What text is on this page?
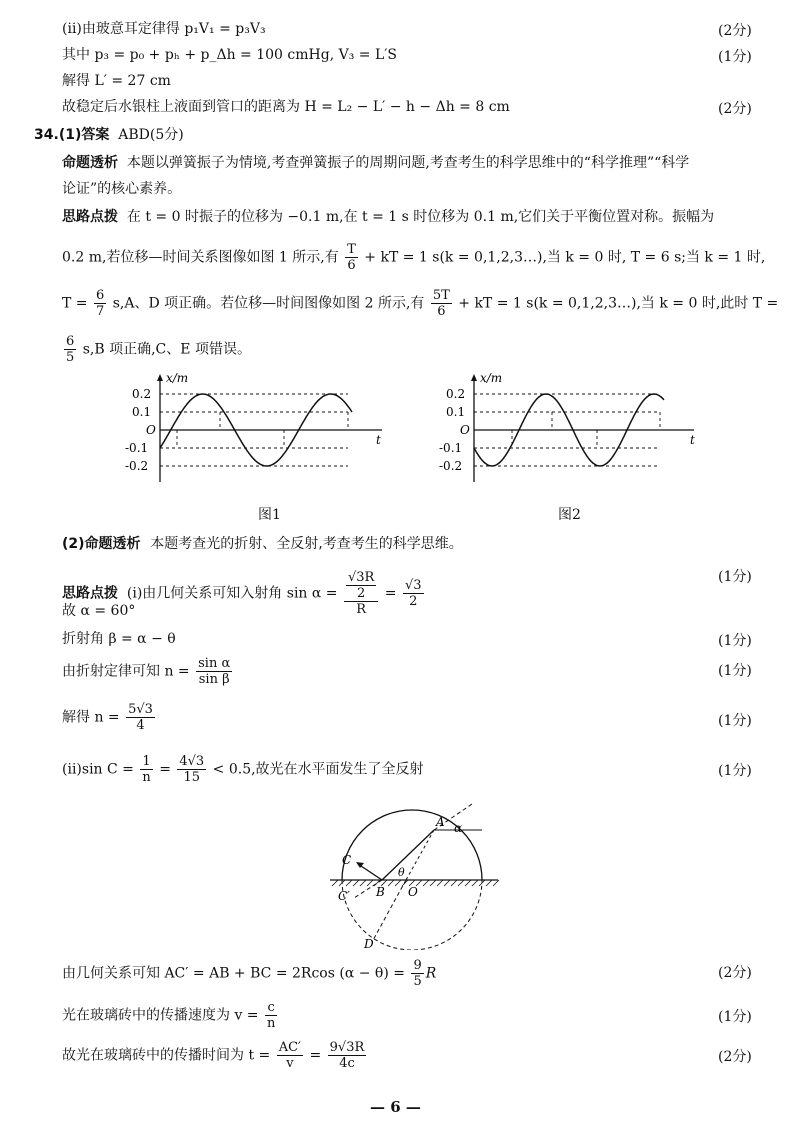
(ⅱ)由玻意耳定律得 p₁V₁ = p₃V₃	(2分)
其中 p₃ = p₀ + pₕ + p_Δh = 100 cmHg, V₃ = L′S	(1分)
解得 L′ = 27 cm
故稳定后水银柱上液面到管口的距离为 H = L₂ − L′ − h − Δh = 8 cm	(2分)
34.(1)答案 ABD(5分)
命题透析 本题以弹簧振子为情境,考查弹簧振子的周期问题,考查考生的科学思维中的“科学推理”“科学
论证”的核心素养。
思路点拨 在 t = 0 时振子的位移为 −0.1 m,在 t = 1 s 时位移为 0.1 m,它们关于平衡位置对称。振幅为
0.2 m,若位移—时间关系图像如图 1 所示,有 $\frac{T}{6}$ + kT = 1 s(k = 0,1,2,3…),当 k = 0 时, T = 6 s;当 k = 1 时,
$T = \frac{6}{7} s,A$、D 项正确。若位移—时间图像如图 2 所示,有 $\frac{5T}{6}$ + kT = 1 s(k = 0,1,2,3…),当 k = 0 时,此时 T =
$\frac{6}{5} s,B$ 项正确,C、E 项错误。
x/m
t
O
0.2
0.1
-0.1
-0.2
图1
x/m
t
O
0.2
0.1
-0.1
-0.2
图2
(2)命题透析 本题考查光的折射、全反射,考查考生的科学思维。
思路点拨 (ⅰ)由几何关系可知入射角 sin α = √3R
2
$R = \frac{√3}{2}$
(1分)
故 α = 60°
折射角 β = α − θ	(1分)
由折射定律可知 $n = \frac{\text{sin α}}{\text{sin β}}$	(1分)
解得 $n = \frac{5√3}{4}$	(1分)
(ⅱ)sin $C = \frac{1}{n} = \frac{4√3}{15} < 0.5$,故光在水平面发生了全反射	(1分)
A α
C
θ
B O
C′
D
由几何关系可知 AC′ = AB + BC = 2Rcos $(\alpha - \theta) = \frac{9}{5}$ R	(2分)
光在玻璃砖中的传播速度为 $v = \frac{c}{n}$	(1分)
故光在玻璃砖中的传播时间为 $t = \frac{AC'}{v} = \frac{9√3R}{4c}$	(2分)
— 6 —
